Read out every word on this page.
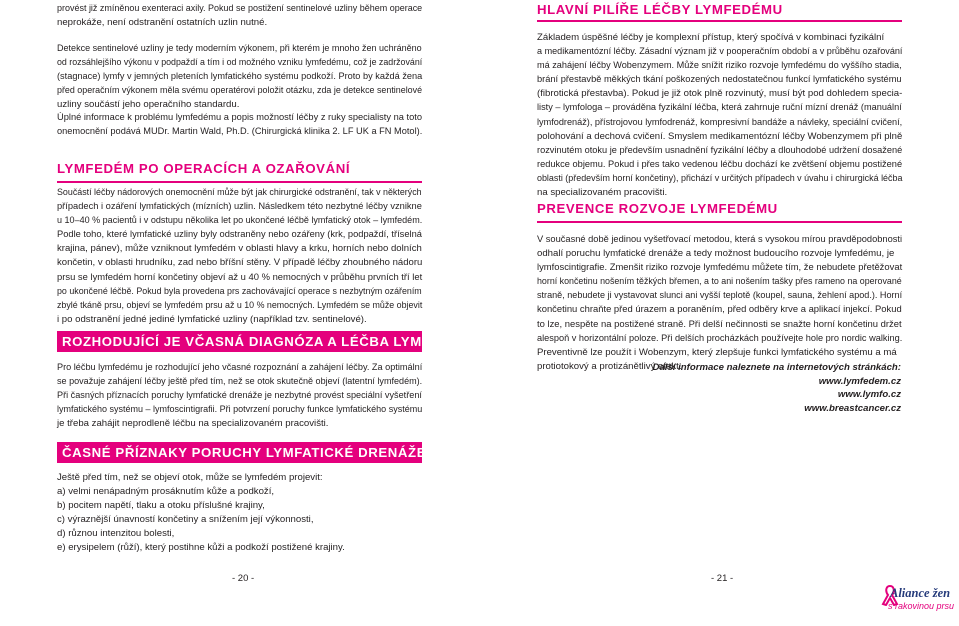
provést již zmíněnou exenteraci axily. Pokud se postižení sentinelové uzliny během operace
neprokáže, není odstranění ostatních uzlin nutné.
Detekce sentinelové uzliny je tedy moderním výkonem, při kterém je mnoho žen uchráněno
od rozsáhlejšího výkonu v podpaždí a tím i od možného vzniku lymfedému, což je zadržování
(stagnace) lymfy v jemných pleteních lymfatického systému podkoží. Proto by každá žena
před operačním výkonem měla svému operatérovi položit otázku, zda je detekce sentinelové
uzliny součástí jeho operačního standardu.
Úplné informace k problému lymfedému a popis možností léčby z ruky specialisty na toto
onemocnění podává MUDr. Martin Wald, Ph.D. (Chirurgická klinika 2. LF UK a FN Motol).
LYMFEDÉM PO OPERACÍCH A OZAŘOVÁNÍ
Součástí léčby nádorových onemocnění může být jak chirurgické odstranění, tak v některých
případech i ozáření lymfatických (mízních) uzlin. Následkem této nezbytné léčby vznikne
u 10–40 % pacientů i v odstupu několika let po ukončené léčbě lymfatický otok – lymfedém.
Podle toho, které lymfatické uzliny byly odstraněny nebo ozářeny (krk, podpaždí, tříselná
krajina, pánev), může vzniknout lymfedém v oblasti hlavy a krku, horních nebo dolních
končetin, v oblasti hrudníku, zad nebo bříšní stěny. V případě léčby zhoubného nádoru
prsu se lymfedém horní končetiny objeví až u 40 % nemocných v průběhu prvních tří let
po ukončené léčbě. Pokud byla provedena prs zachovávající operace s nezbytným ozářením
zbylé tkáně prsu, objeví se lymfedém prsu až u 10 % nemocných. Lymfedém se může objevit
i po odstranění jedné jediné lymfatické uzliny (například tzv. sentinelové).
ROZHODUJÍCÍ JE VČASNÁ DIAGNÓZA A LÉČBA LYMFEDÉMU
Pro léčbu lymfedému je rozhodující jeho včasné rozpoznání a zahájení léčby. Za optimální
se považuje zahájení léčby ještě před tím, než se otok skutečně objeví (latentní lymfedém).
Při časných příznacích poruchy lymfatické drenáže je nezbytné provést speciální vyšetření
lymfatického systému – lymfoscintigrafii. Při potvrzení poruchy funkce lymfatického systému
je třeba zahájit neprodleně léčbu na specializovaném pracovišti.
ČASNÉ PŘÍZNAKY PORUCHY LYMFATICKÉ DRENÁŽE
Ještě před tím, než se objeví otok, může se lymfedém projevit:
a) velmi nenápadným prosáknutím kůže a podkoží,
b) pocitem napětí, tlaku a otoku příslušné krajiny,
c) výraznější únavností končetiny a snížením její výkonnosti,
d) různou intenzitou bolesti,
e) erysipelem (růží), který postihne kůži a podkoží postižené krajiny.
- 20 -
HLAVNÍ PILÍŘE LÉČBY LYMFEDÉMU
Základem úspěšné léčby je komplexní přístup, který spočívá v kombinaci fyzikální
a medikamentózní léčby. Zásadní význam již v pooperačním období a v průběhu ozařování
má zahájení léčby Wobenzymem. Může snížit riziko rozvoje lymfedému do vyššího stadia,
brání přestavbě měkkých tkání poškozených nedostatečnou funkcí lymfatického systému
(fibrotická přestavba). Pokud je již otok plně rozvinutý, musí být pod dohledem specia-
listy – lymfologa – prováděna fyzikální léčba, která zahrnuje ruční mízní drenáž (manuální
lymfodrenáž), přístrojovou lymfodrenáž, kompresivní bandáže a návleky, speciální cvičení,
polohování a dechová cvičení. Smyslem medikamentózní léčby Wobenzymem při plně
rozvinutém otoku je především usnadnění fyzikální léčby a dlouhodobé udržení dosažené
redukce objemu. Pokud i přes tako vedenou léčbu dochází ke zvětšení objemu postižené
oblasti (především horní končetiny), přichází v určitých případech v úvahu i chirurgická léčba
na specializovaném pracovišti.
PREVENCE ROZVOJE LYMFEDÉMU
V současné době jedinou vyšetřovací metodou, která s vysokou mírou pravděpodobnosti
odhalí poruchu lymfatické drenáže a tedy možnost budoucího rozvoje lymfedému, je
lymfoscintigrafie. Zmenšit riziko rozvoje lymfedému můžete tím, že nebudete přetěžovat
horní končetinu nošením těžkých břemen, a to ani nošením tašky přes rameno na operované
straně, nebudete ji vystavovat slunci ani vyšší teplotě (koupel, sauna, žehlení apod.). Horní
končetinu chraňte před úrazem a poraněním, před odběry krve a aplikací injekcí. Pokud
to lze, nespěte na postižené straně. Při delší nečinnosti se snažte horní končetinu držet
alespoň v horizontální poloze. Při delších procházkách používejte hole pro nordic walking.
Preventivně lze použít i Wobenzym, který zlepšuje funkci lymfatického systému a má
protiotokový a protizánětlivý efekt.
Další informace naleznete na internetových stránkách:
www.lymfedem.cz
www.lymfo.cz
www.breastcancer.cz
- 21 -
Aliance žen
s rakovinou prsu
